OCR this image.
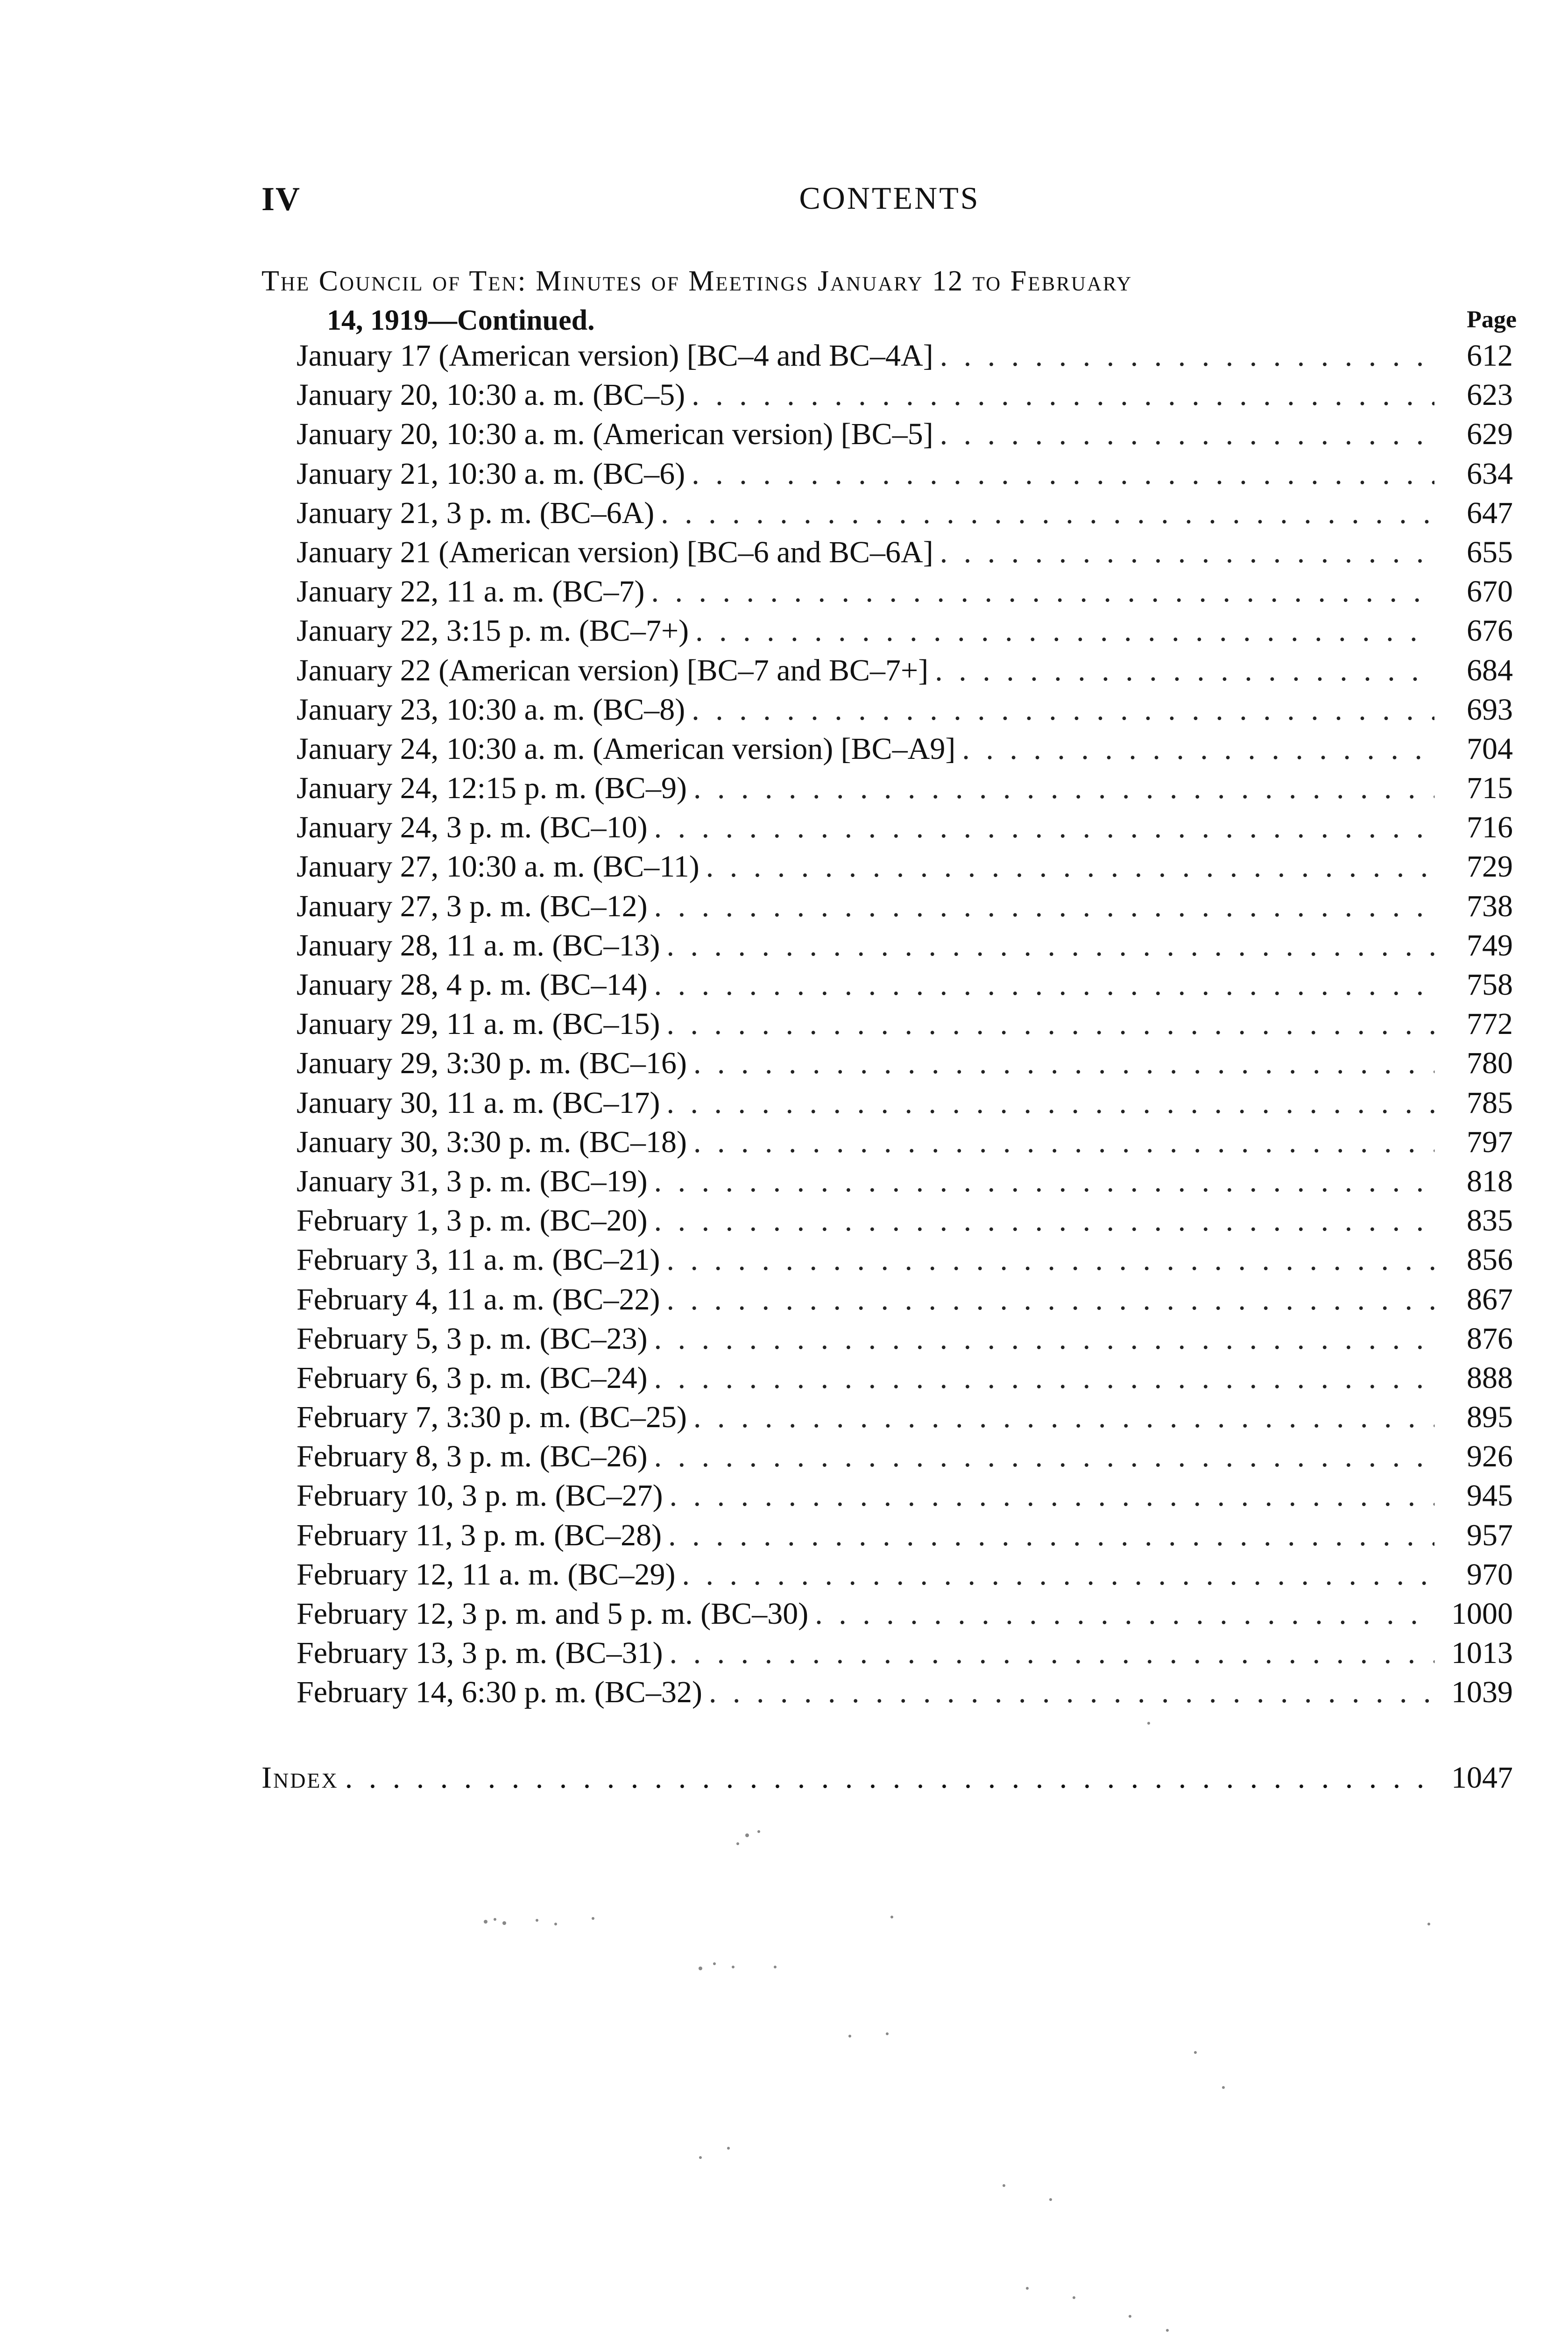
IV	CONTENTS
The Council of Ten: Minutes of Meetings January 12 to February
14, 1919—Continued.	Page
January 17 (American version) [BC–4 and BC–4A] . . .	612
January 20, 10:30 a. m. (BC–5) . . .	623
January 20, 10:30 a. m. (American version) [BC–5] . . .	629
January 21, 10:30 a. m. (BC–6) . . .	634
January 21, 3 p. m. (BC–6A) . . .	647
January 21 (American version) [BC–6 and BC–6A] . . .	655
January 22, 11 a. m. (BC–7) . . .	670
January 22, 3:15 p. m. (BC–7+) . . .	676
January 22 (American version) [BC–7 and BC–7+] . . .	684
January 23, 10:30 a. m. (BC–8) . . .	693
January 24, 10:30 a. m. (American version) [BC–A9] . . .	704
January 24, 12:15 p. m. (BC–9) . . .	715
January 24, 3 p. m. (BC–10) . . .	716
January 27, 10:30 a. m. (BC–11) . . .	729
January 27, 3 p. m. (BC–12) . . .	738
January 28, 11 a. m. (BC–13) . . .	749
January 28, 4 p. m. (BC–14) . . .	758
January 29, 11 a. m. (BC–15) . . .	772
January 29, 3:30 p. m. (BC–16) . . .	780
January 30, 11 a. m. (BC–17) . . .	785
January 30, 3:30 p. m. (BC–18) . . .	797
January 31, 3 p. m. (BC–19) . . .	818
February 1, 3 p. m. (BC–20) . . .	835
February 3, 11 a. m. (BC–21) . . .	856
February 4, 11 a. m. (BC–22) . . .	867
February 5, 3 p. m. (BC–23) . . .	876
February 6, 3 p. m. (BC–24) . . .	888
February 7, 3:30 p. m. (BC–25) . . .	895
February 8, 3 p. m. (BC–26) . . .	926
February 10, 3 p. m. (BC–27) . . .	945
February 11, 3 p. m. (BC–28) . . .	957
February 12, 11 a. m. (BC–29) . . .	970
February 12, 3 p. m. and 5 p. m. (BC–30) . . .	1000
February 13, 3 p. m. (BC–31) . . .	1013
February 14, 6:30 p. m. (BC–32) . . .	1039
Index . . .	1047
